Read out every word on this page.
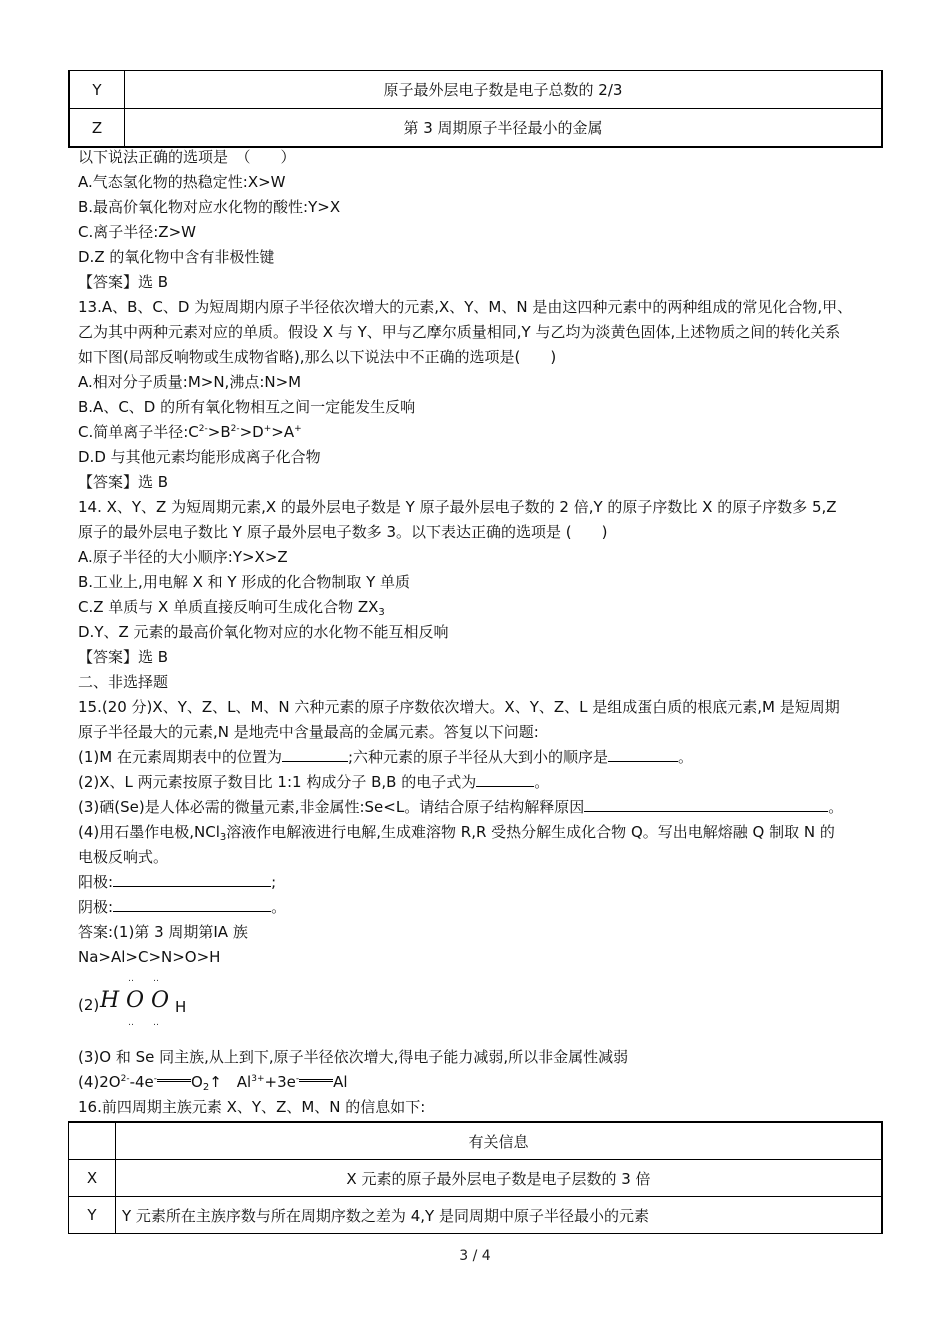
Y	原子最外层电子数是电子总数的 2/3
Z	第 3 周期原子半径最小的金属
以下说法正确的选项是　（　　）
A.气态氢化物的热稳定性:X>W
B.最高价氧化物对应水化物的酸性:Y>X
C.离子半径:Z>W
D.Z 的氧化物中含有非极性键
【答案】选 B
13.A、B、C、D 为短周期内原子半径依次增大的元素,X、Y、M、N 是由这四种元素中的两种组成的常见化合物,甲、
乙为其中两种元素对应的单质。假设 X 与 Y、甲与乙摩尔质量相同,Y 与乙均为淡黄色固体,上述物质之间的转化关系
如下图(局部反响物或生成物省略),那么以下说法中不正确的选项是(　　)
A.相对分子质量:M>N,沸点:N>M
B.A、C、D 的所有氧化物相互之间一定能发生反响
C.简单离子半径$:C^{2-}>B^{2-}>D^+>A^+$
D.D 与其他元素均能形成离子化合物
【答案】选 B
14. X、Y、Z 为短周期元素,X 的最外层电子数是 Y 原子最外层电子数的 2 倍,Y 的原子序数比 X 的原子序数多 5,Z
原子的最外层电子数比 Y 原子最外层电子数多 3。以下表达正确的选项是 (　　)
A.原子半径的大小顺序:Y>X>Z
B.工业上,用电解 X 和 Y 形成的化合物制取 Y 单质
C.Z 单质与 X 单质直接反响可生成化合物 $ZX_3$
D.Y、Z 元素的最高价氧化物对应的水化物不能互相反响
【答案】选 B
二、非选择题
15.(20 分)X、Y、Z、L、M、N 六种元素的原子序数依次增大。X、Y、Z、L 是组成蛋白质的根底元素,M 是短周期
原子半径最大的元素,N 是地壳中含量最高的金属元素。答复以下问题:
(1)M 在元素周期表中的位置为	;六种元素的原子半径从大到小的顺序是	。
(2)X、L 两元素按原子数目比 1:1 构成分子 B,B 的电子式为	。
(3)硒(Se)是人体必需的微量元素,非金属性:Se<L。请结合原子结构解释原因	。
(4)用石墨作电极,NCl$_3$溶液作电解液进行电解,生成难溶物 R,R 受热分解生成化合物 Q。写出电解熔融 Q 制取 N 的
电极反响式。
阳极:	;
阴极:	。
答案:(1)第 3 周期第ⅠA 族
Na>Al>C>N>O>H
(2) H O O H
‥ ‥
‥ ‥
(3)O 和 Se 同主族,从上到下,原子半径依次增大,得电子能力减弱,所以非金属性减弱
$(4)2O^{2-}-4e^-$ $O_2↑$　$Al^{3+}+3e^-$ Al
16.前四周期主族元素 X、Y、Z、M、N 的信息如下:
	有关信息
X	X 元素的原子最外层电子数是电子层数的 3 倍
Y	Y 元素所在主族序数与所在周期序数之差为 4,Y 是同周期中原子半径最小的元素
3 / 4
